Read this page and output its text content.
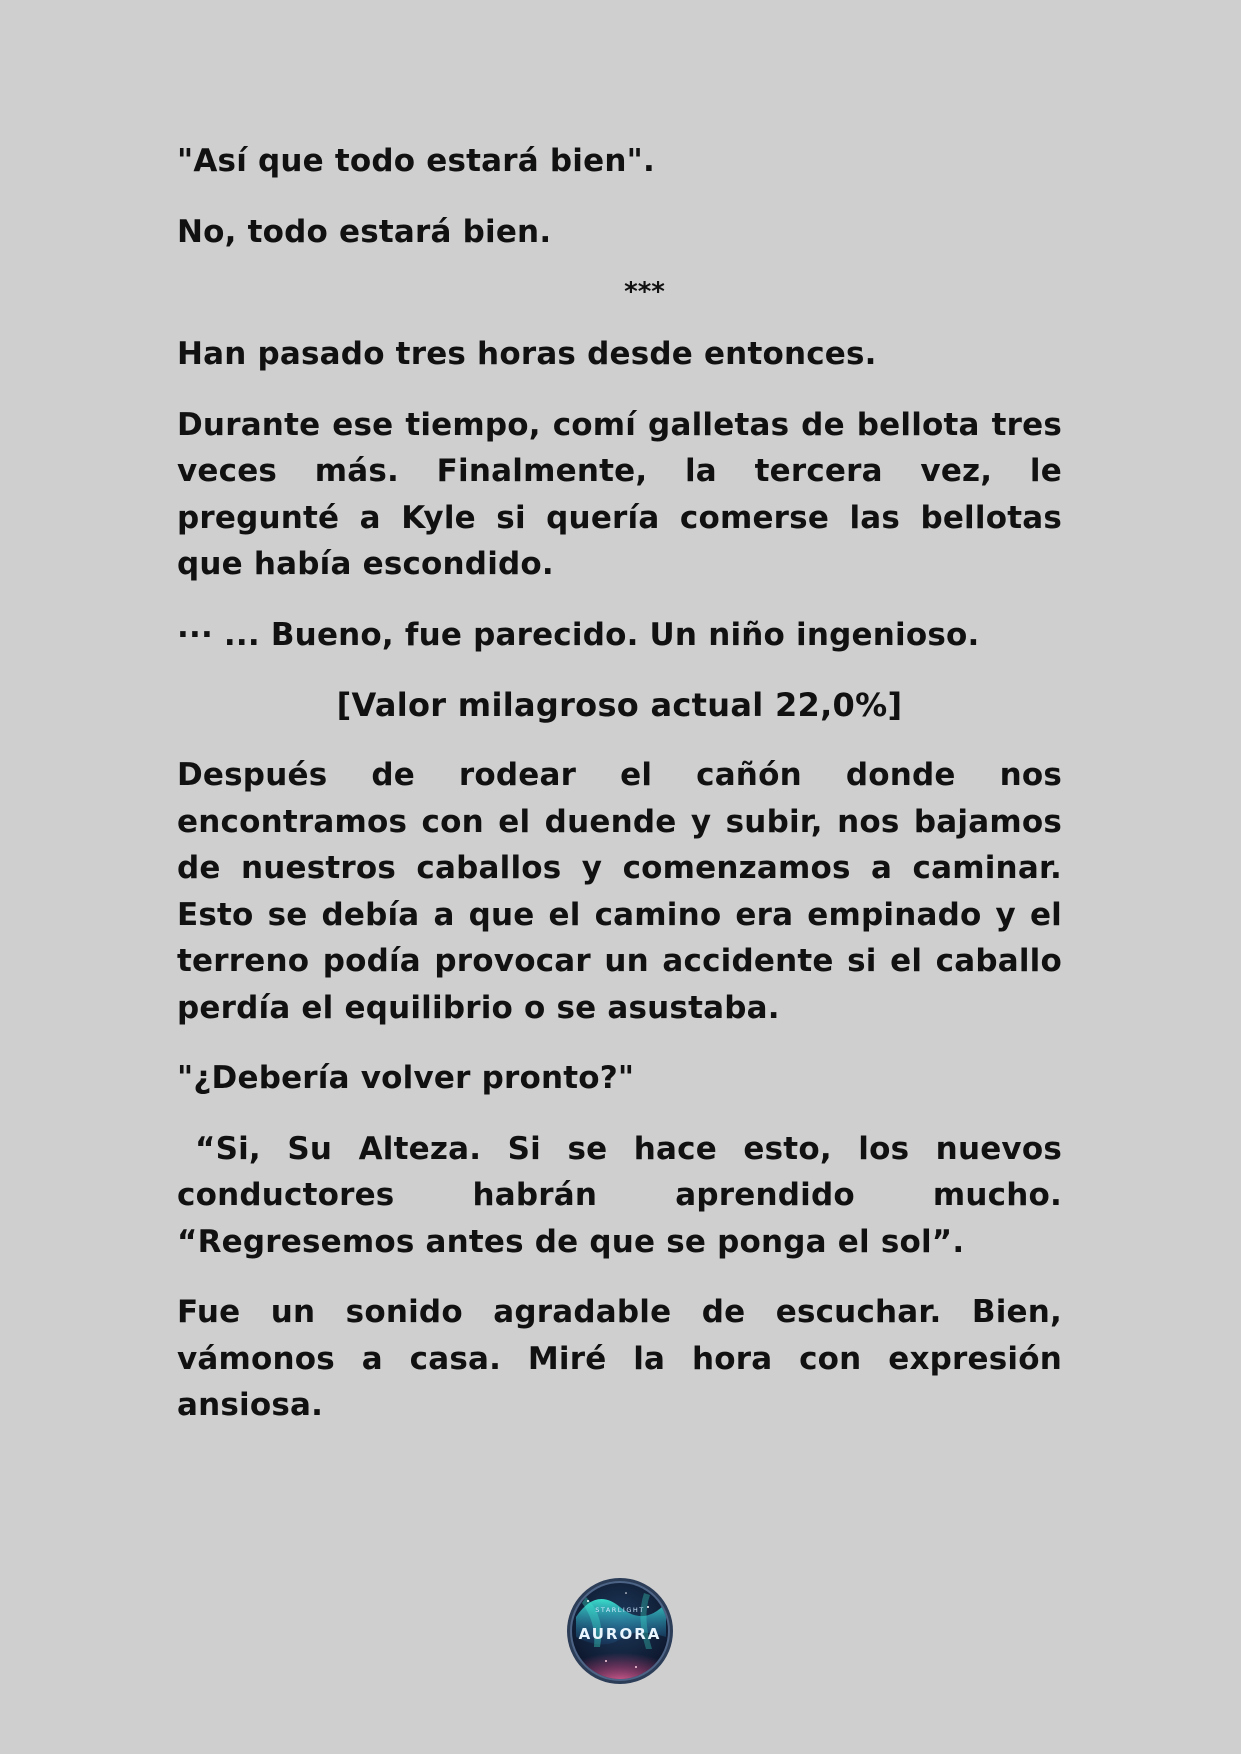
"Así que todo estará bien".

No, todo estará bien.

***

Han pasado tres horas desde entonces.

Durante ese tiempo, comí galletas de bellota tres veces más. Finalmente, la tercera vez, le pregunté a Kyle si quería comerse las bellotas que había escondido.

··· ... Bueno, fue parecido. Un niño ingenioso.

[Valor milagroso actual 22,0%]

Después de rodear el cañón donde nos encontramos con el duende y subir, nos bajamos de nuestros caballos y comenzamos a caminar. Esto se debía a que el camino era empinado y el terreno podía provocar un accidente si el caballo perdía el equilibrio o se asustaba.

"¿Debería volver pronto?"

“Si, Su Alteza. Si se hace esto, los nuevos conductores habrán aprendido mucho. “Regresemos antes de que se ponga el sol”.

Fue un sonido agradable de escuchar. Bien, vámonos a casa. Miré la hora con expresión ansiosa.

STARLIGHT
AURORA
